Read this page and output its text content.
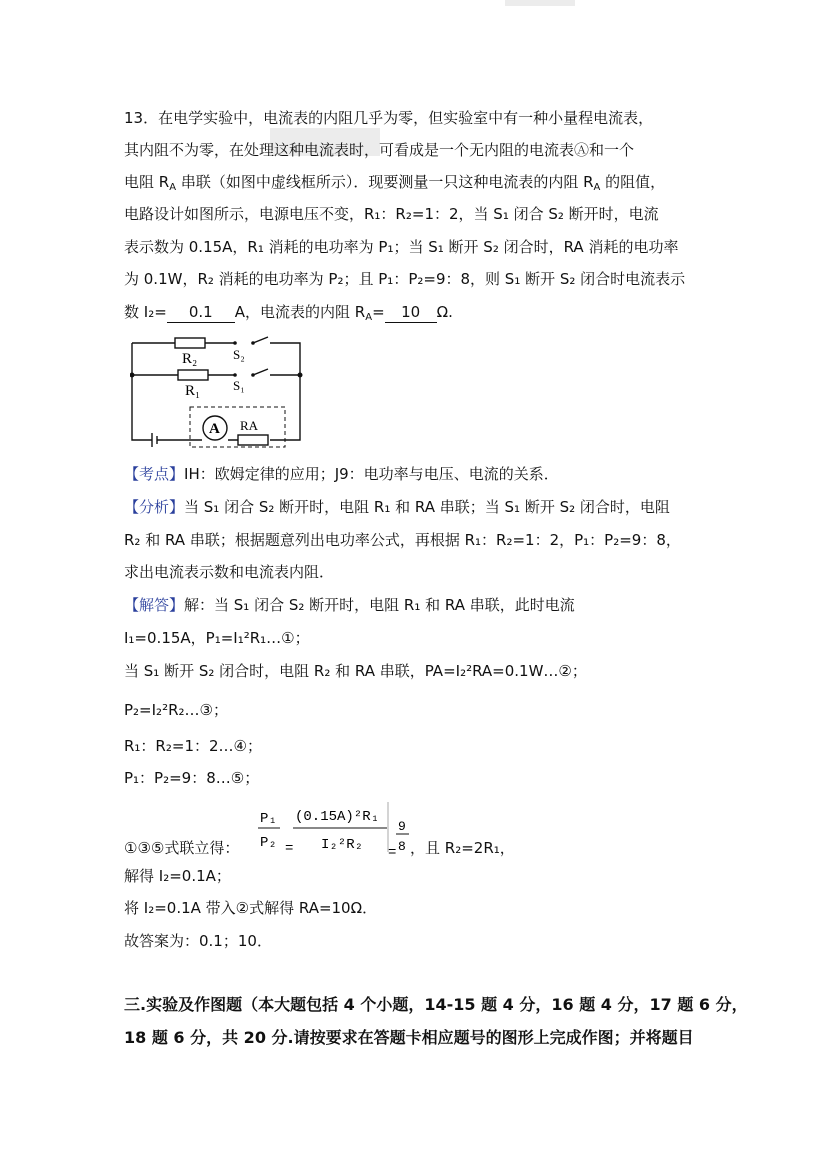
13．在电学实验中，电流表的内阻几乎为零，但实验室中有一种小量程电流表，
其内阻不为零，在处理这种电流表时，可看成是一个无内阻的电流表Ⓐ和一个
电阻 $R_A$ 串联（如图中虚线框所示）．现要测量一只这种电流表的内阻 $R_A$ 的阻值，
电路设计如图所示，电源电压不变，R₁：R₂=1：2，当 S₁ 闭合 S₂ 断开时，电流
表示数为 0.15A，R₁ 消耗的电功率为 P₁；当 S₁ 断开 S₂ 闭合时，RA 消耗的电功率
为 0.1W，R₂ 消耗的电功率为 P₂；且 P₁：P₂=9：8，则 S₁ 断开 S₂ 闭合时电流表示
数 I₂= 0.1 A，电流表的内阻 $R_A= 10$ Ω.
R₂	S₂
R₁	S₁
A RA
【考点】IH：欧姆定律的应用；J9：电功率与电压、电流的关系．
【分析】当 S₁ 闭合 S₂ 断开时，电阻 R₁ 和 RA 串联；当 S₁ 断开 S₂ 闭合时，电阻
R₂ 和 RA 串联；根据题意列出电功率公式，再根据 R₁：R₂=1：2，P₁：P₂=9：8，
求出电流表示数和电流表内阻．
【解答】解：当 S₁ 闭合 S₂ 断开时，电阻 R₁ 和 RA 串联，此时电流
I₁=0.15A，P₁=I₁²R₁…①；
当 S₁ 断开 S₂ 闭合时，电阻 R₂ 和 RA 串联，PA=I₂²RA=0.1W…②；
P₂=I₂²R₂…③；
R₁：R₂=1：2…④；
P₁：P₂=9：8…⑤；
①③⑤式联立得：
P₁
P₂ =
(0.15A)²R₁
I₂²R₂ =
9
8 ，且 R₂=2R₁，
解得 I₂=0.1A；
将 I₂=0.1A 带入②式解得 RA=10Ω．
故答案为：0.1；10．
三.实验及作图题（本大题包括 4 个小题，14-15 题 4 分，16 题 4 分，17 题 6 分，
18 题 6 分，共 20 分.请按要求在答题卡相应题号的图形上完成作图；并将题目
